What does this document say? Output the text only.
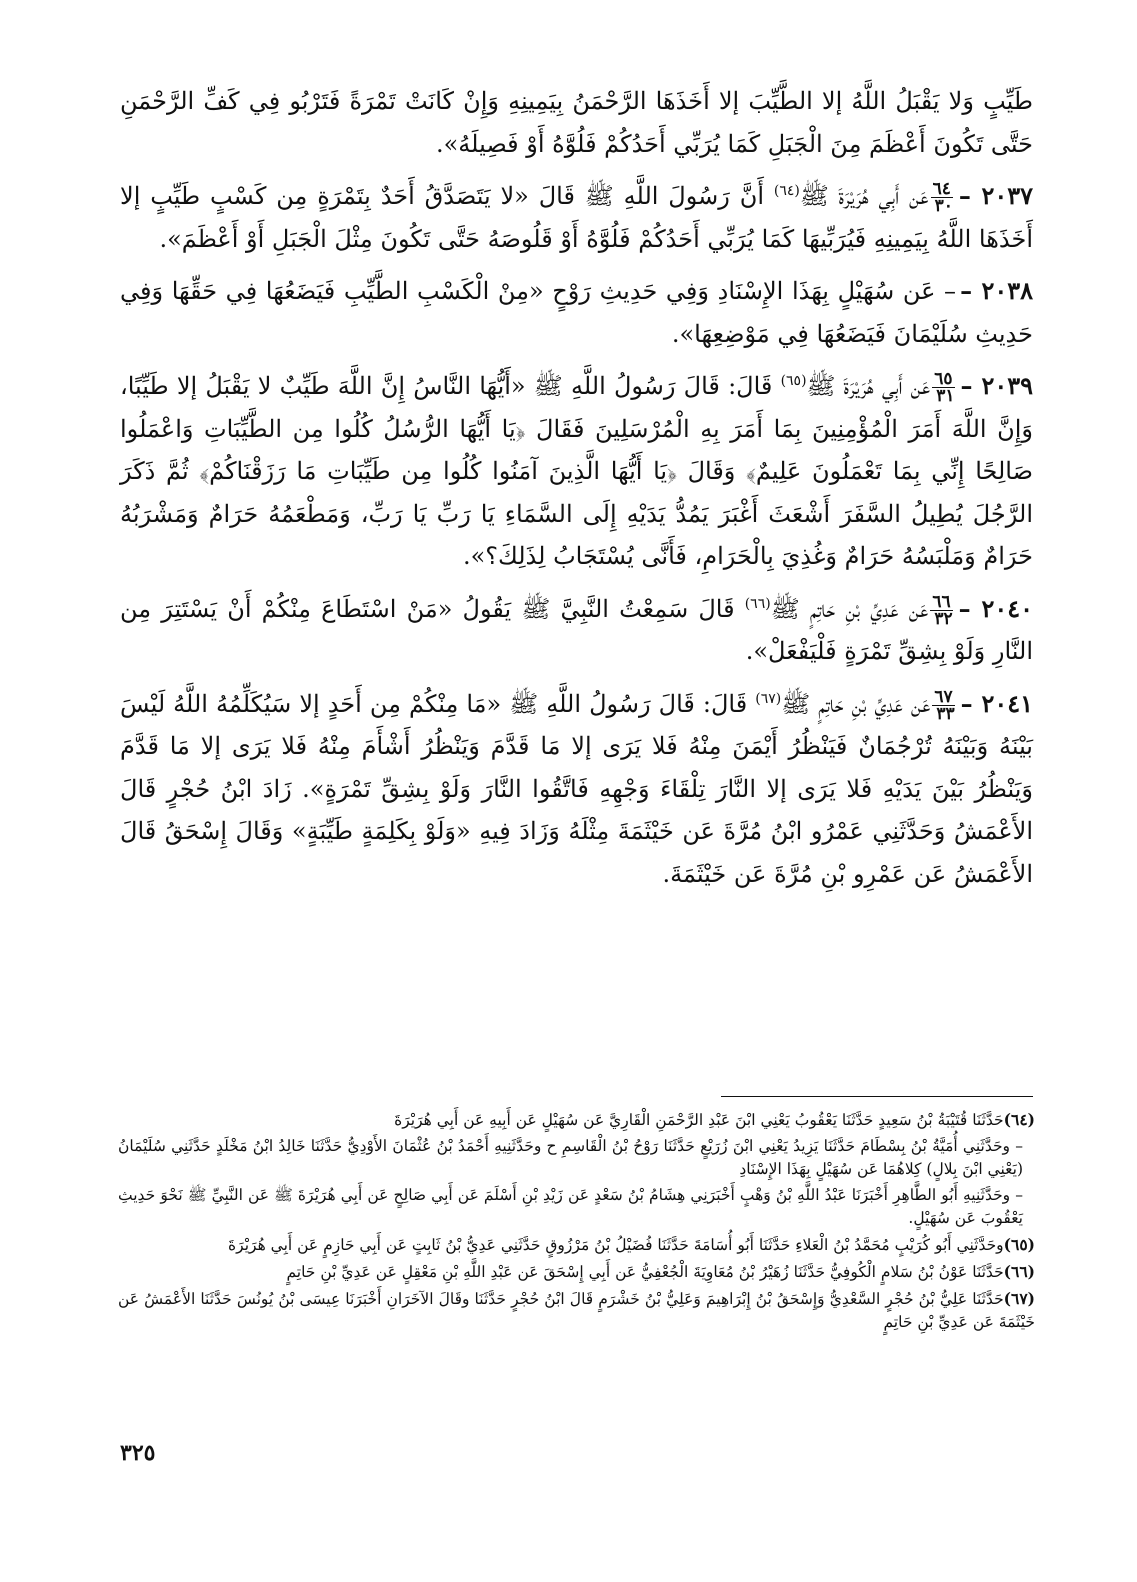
طَيِّبٍ وَلا يَقْبَلُ اللَّهُ إلا الطَّيِّبَ إلا أَخَذَهَا الرَّحْمَنُ بِيَمِينِهِ وَإِنْ كَانَتْ تَمْرَةً فَتَرْبُو فِي كَفِّ الرَّحْمَنِ حَتَّى تَكُونَ أَعْظَمَ مِنَ الْجَبَلِ كَمَا يُرَبِّي أَحَدُكُمْ فَلُوَّهُ أَوْ فَصِيلَهُ».

٢٠٣٧ –
٦٤
٣٠
عَن أَبِي هُرَيْرَةَ ﷺ$^{(٦٤)}$ أَنَّ رَسُولَ اللَّهِ ﷺ قَالَ «لا يَتَصَدَّقُ أَحَدٌ بِتَمْرَةٍ مِن كَسْبٍ طَيِّبٍ إلا أَخَذَهَا اللَّهُ بِيَمِينِهِ فَيُرَبِّيهَا كَمَا يُرَبِّي أَحَدُكُمْ فَلُوَّهُ أَوْ قَلُوصَهُ حَتَّى تَكُونَ مِثْلَ الْجَبَلِ أَوْ أَعْظَمَ».

٢٠٣٨ –– عَن سُهَيْلٍ بِهَذَا الإِسْنَادِ وَفِي حَدِيثِ رَوْحٍ «مِنْ الْكَسْبِ الطَّيِّبِ فَيَضَعُهَا فِي حَقِّهَا وَفِي حَدِيثِ سُلَيْمَانَ فَيَضَعُهَا فِي مَوْضِعِهَا».

٢٠٣٩ –
٦٥
٣١
عَن أَبِي هُرَيْرَةَ ﷺ$^{(٦٥)}$ قَالَ: قَالَ رَسُولُ اللَّهِ ﷺ «أَيُّهَا النَّاسُ إِنَّ اللَّهَ طَيِّبٌ لا يَقْبَلُ إلا طَيِّبًا، وَإِنَّ اللَّهَ أَمَرَ الْمُؤْمِنِينَ بِمَا أَمَرَ بِهِ الْمُرْسَلِينَ فَقَالَ ﴿يَا أَيُّهَا الرُّسُلُ كُلُوا مِن الطَّيِّبَاتِ وَاعْمَلُوا صَالِحًا إِنِّي بِمَا تَعْمَلُونَ عَلِيمٌ﴾ وَقَالَ ﴿يَا أَيُّهَا الَّذِينَ آمَنُوا كُلُوا مِن طَيِّبَاتِ مَا رَزَقْنَاكُمْ﴾ ثُمَّ ذَكَرَ الرَّجُلَ يُطِيلُ السَّفَرَ أَشْعَثَ أَغْبَرَ يَمُدُّ يَدَيْهِ إِلَى السَّمَاءِ يَا رَبِّ يَا رَبِّ، وَمَطْعَمُهُ حَرَامٌ وَمَشْرَبُهُ حَرَامٌ وَمَلْبَسُهُ حَرَامٌ وَغُذِيَ بِالْحَرَامِ، فَأَنَّى يُسْتَجَابُ لِذَلِكَ؟».

٢٠٤٠ –
٦٦
٣٢
عَن عَدِيِّ بْنِ حَاتِمٍ ﷺ$^{(٦٦)}$ قَالَ سَمِعْتُ النَّبِيَّ ﷺ يَقُولُ «مَنْ اسْتَطَاعَ مِنْكُمْ أَنْ يَسْتَتِرَ مِن النَّارِ وَلَوْ بِشِقِّ تَمْرَةٍ فَلْيَفْعَلْ».

٢٠٤١ –
٦٧
٣٣
عَن عَدِيِّ بْنِ حَاتِمٍ ﷺ$^{(٦٧)}$ قَالَ: قَالَ رَسُولُ اللَّهِ ﷺ «مَا مِنْكُمْ مِن أَحَدٍ إلا سَيُكَلِّمُهُ اللَّهُ لَيْسَ بَيْنَهُ وَبَيْنَهُ تُرْجُمَانٌ فَيَنْظُرُ أَيْمَنَ مِنْهُ فَلا يَرَى إلا مَا قَدَّمَ وَيَنْظُرُ أَشْأَمَ مِنْهُ فَلا يَرَى إلا مَا قَدَّمَ وَيَنْظُرُ بَيْنَ يَدَيْهِ فَلا يَرَى إلا النَّارَ تِلْقَاءَ وَجْهِهِ فَاتَّقُوا النَّارَ وَلَوْ بِشِقِّ تَمْرَةٍ». زَادَ ابْنُ حُجْرٍ قَالَ الأَعْمَشُ وَحَدَّثَنِي عَمْرُو ابْنُ مُرَّةَ عَن خَيْثَمَةَ مِثْلَهُ وَزَادَ فِيهِ «وَلَوْ بِكَلِمَةٍ طَيِّبَةٍ» وَقَالَ إِسْحَقُ قَالَ الأَعْمَشُ عَن عَمْرِو بْنِ مُرَّةَ عَن خَيْثَمَةَ.

(٦٤)حَدَّثَنَا قُتَيْبَةُ بْنُ سَعِيدٍ حَدَّثَنَا يَعْقُوبُ يَعْنِي ابْنَ عَبْدِ الرَّحْمَنِ الْقَارِيَّ عَن سُهَيْلٍ عَن أَبِيهِ عَن أَبِي هُرَيْرَةَ

– وحَدَّثَنِي أُمَيَّةُ بْنُ بِسْطَامَ حَدَّثَنَا يَزِيدُ يَعْنِي ابْنَ زُرَيْعٍ حَدَّثَنَا رَوْحُ بْنُ الْقَاسِمِ ح وحَدَّثَنِيهِ أَحْمَدُ بْنُ عُثْمَانَ الأَوْدِيُّ حَدَّثَنَا خَالِدُ ابْنُ مَخْلَدٍ حَدَّثَنِي سُلَيْمَانُ (يَعْنِي ابْنَ بِلالٍ) كِلاهُمَا عَن سُهَيْلٍ بِهَذَا الإِسْنَادِ

– وحَدَّثَنِيهِ أَبُو الطَّاهِرِ أَخْبَرَنَا عَبْدُ اللَّهِ بْنُ وَهْبٍ أَخْبَرَنِي هِشَامُ بْنُ سَعْدٍ عَن زَيْدِ بْنِ أَسْلَمَ عَن أَبِي صَالِحٍ عَن أَبِي هُرَيْرَةَ ﷺ عَن النَّبِيِّ ﷺ نَحْوَ حَدِيثِ يَعْقُوبَ عَن سُهَيْلٍ.

(٦٥)وحَدَّثَنِي أَبُو كُرَيْبٍ مُحَمَّدُ بْنُ الْعَلاءِ حَدَّثَنَا أَبُو أُسَامَةَ حَدَّثَنَا فُضَيْلُ بْنُ مَرْزُوقٍ حَدَّثَنِي عَدِيُّ بْنُ ثَابِتٍ عَن أَبِي حَازِمٍ عَن أَبِي هُرَيْرَةَ

(٦٦)حَدَّثَنَا عَوْنُ بْنُ سَلامٍ الْكُوفِيُّ حَدَّثَنَا زُهَيْرُ بْنُ مُعَاوِيَةَ الْجُعْفِيُّ عَن أَبِي إِسْحَقَ عَن عَبْدِ اللَّهِ بْنِ مَعْقِلٍ عَن عَدِيِّ بْنِ حَاتِمٍ

(٦٧)حَدَّثَنَا عَلِيُّ بْنُ حُجْرٍ السَّعْدِيُّ وَإِسْحَقُ بْنُ إِبْرَاهِيمَ وَعَلِيُّ بْنُ خَشْرَمٍ قَالَ ابْنُ حُجْرٍ حَدَّثَنَا وقَالَ الآخَرَانِ أَخْبَرَنَا عِيسَى بْنُ يُونُسَ حَدَّثَنَا الأَعْمَشُ عَن خَيْثَمَةَ عَن عَدِيِّ بْنِ حَاتِمٍ

٣٢٥
